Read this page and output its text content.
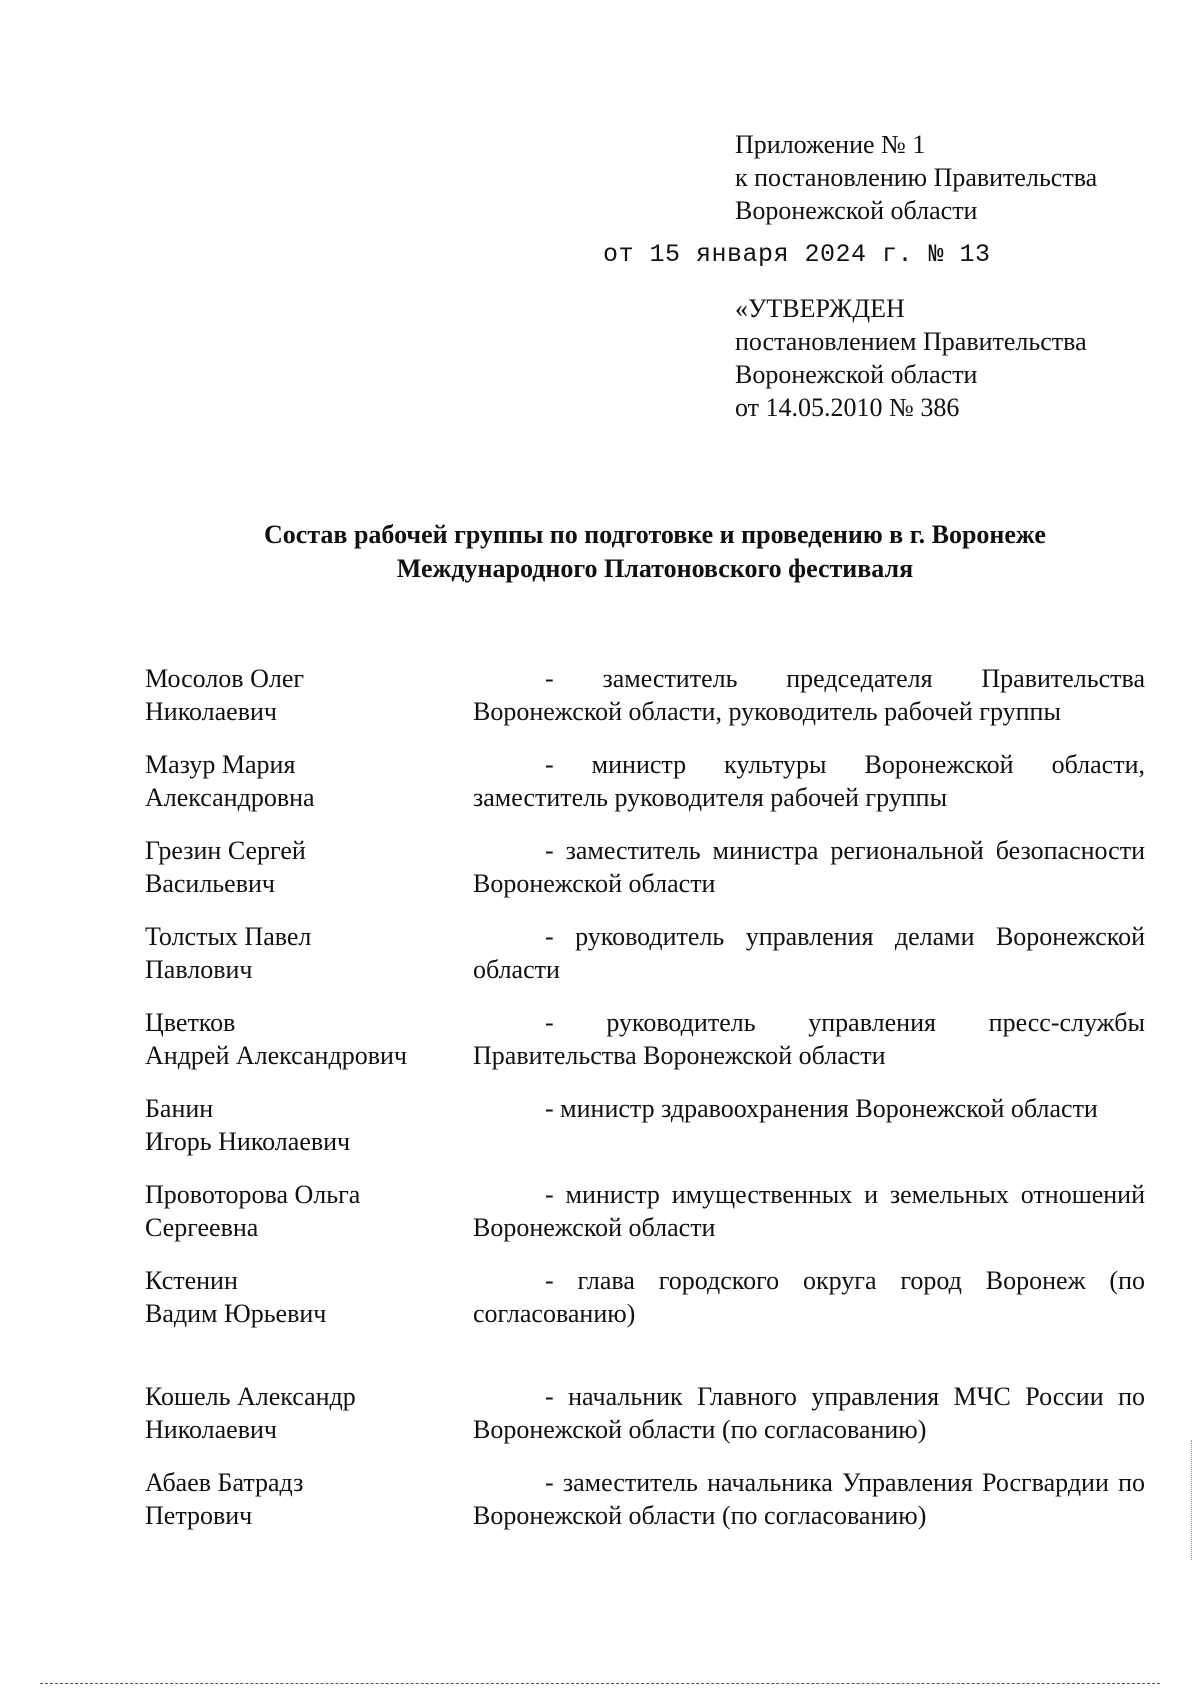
Приложение № 1
к постановлению Правительства
Воронежской области
от 15 января 2024 г. № 13
«УТВЕРЖДЕН
постановлением Правительства
Воронежской области
от 14.05.2010 № 386
Состав рабочей группы по подготовке и проведению в г. Воронеже
Международного Платоновского фестиваля
Мосолов Олег
Николаевич
- заместитель председателя Правительства Воронежской области, руководитель рабочей группы
Мазур Мария
Александровна
- министр культуры Воронежской области, заместитель руководителя рабочей группы
Грезин Сергей
Васильевич
- заместитель министра региональной безопасности Воронежской области
Толстых Павел
Павлович
- руководитель управления делами Воронежской области
Цветков
Андрей Александрович
- руководитель управления пресс-службы Правительства Воронежской области
Банин
Игорь Николаевич
- министр здравоохранения Воронежской области
Провоторова Ольга
Сергеевна
- министр имущественных и земельных отношений Воронежской области
Кстенин
Вадим Юрьевич
- глава городского округа город Воронеж (по согласованию)
Кошель Александр
Николаевич
- начальник Главного управления МЧС России по Воронежской области (по согласованию)
Абаев Батрадз
Петрович
- заместитель начальника Управления Росгвардии по Воронежской области (по согласованию)
